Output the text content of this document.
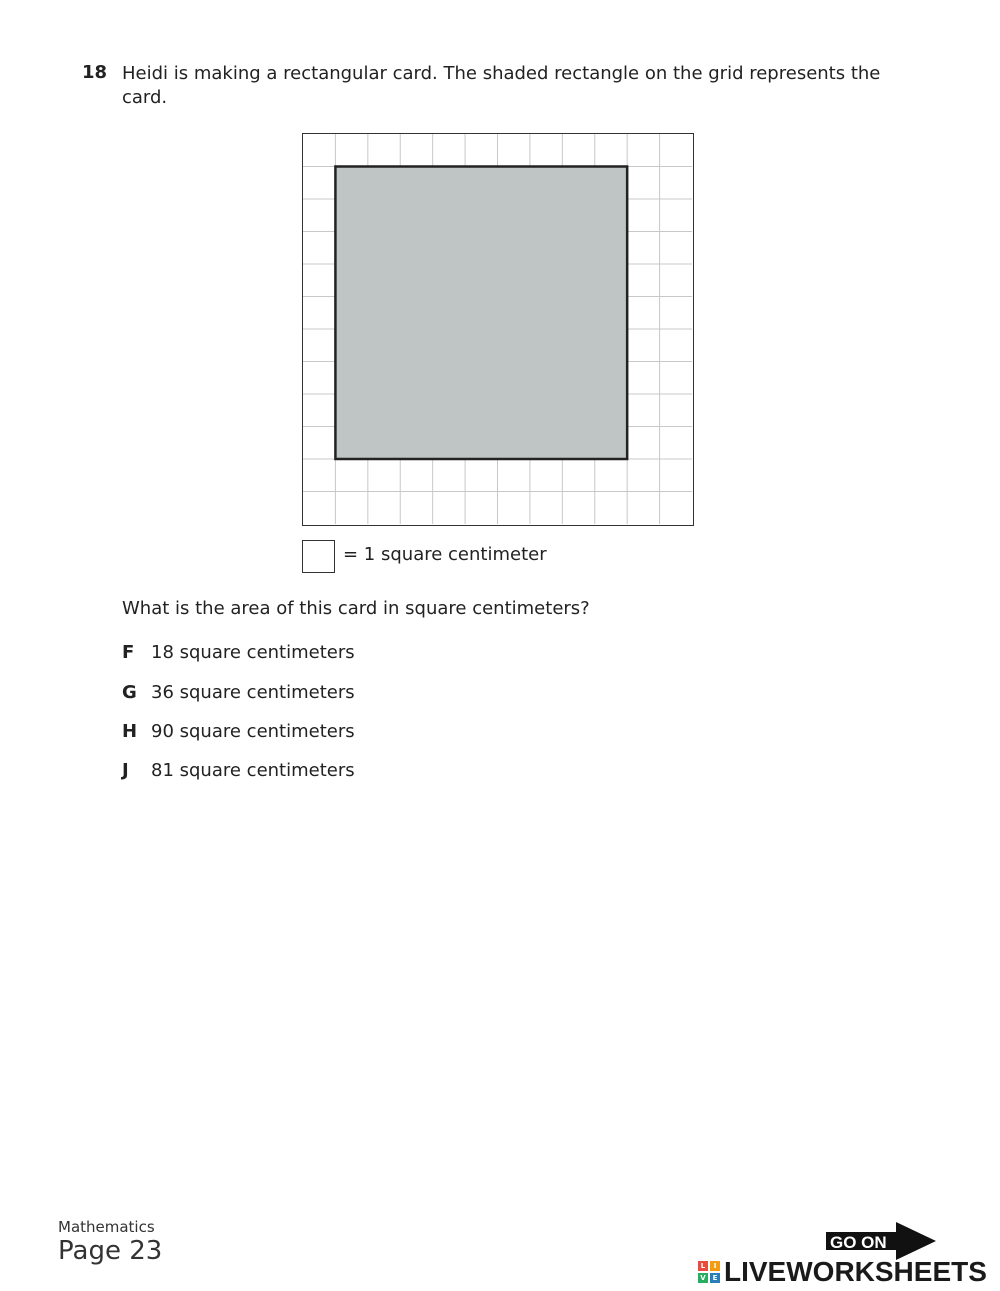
18 Heidi is making a rectangular card. The shaded rectangle on the grid represents the card.
= 1 square centimeter
What is the area of this card in square centimeters?
F 18 square centimeters
G 36 square centimeters
H 90 square centimeters
J	81 square centimeters
Mathematics
Page 23	GO ON
L	I
V E LIVEWORKSHEETS
